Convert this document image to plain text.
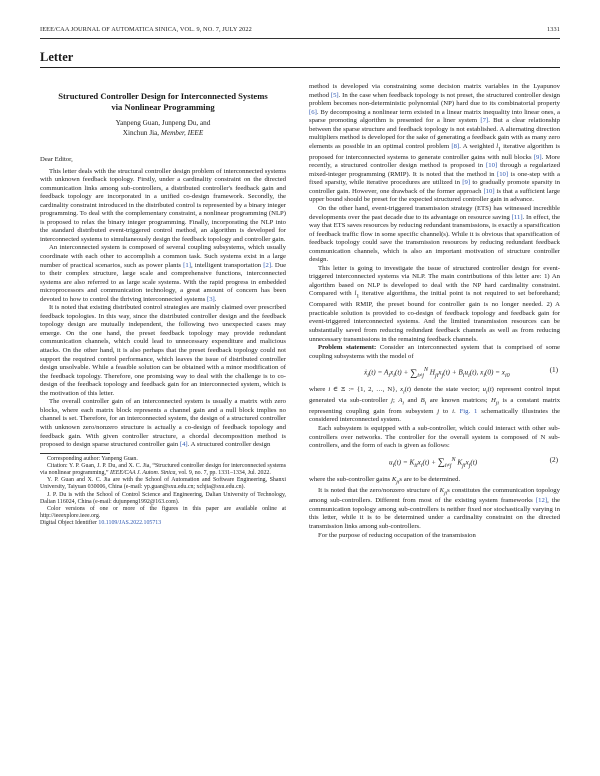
IEEE/CAA JOURNAL OF AUTOMATICA SINICA, VOL. 9, NO. 7, JULY 2022	1331
Letter
Structured Controller Design for Interconnected Systems
via Nonlinear Programming
Yanpeng Guan, Junpeng Du, and
Xinchun Jia, Member, IEEE

Dear Editor,

This letter deals with the structural controller design problem of interconnected systems with unknown feedback topology. Firstly, under a cardinality constraint on the directed communication links among sub-controllers, a distributed controller's feedback gain and feedback topology are incorporated in a unified co-design framework. Secondly, the cardinality constraint introduced in the distributed control is represented by a binary integer programming. To deal with the complementary constraint, a nonlinear programming (NLP) is proposed to relax the binary integer programming. Finally, incorporating the NLP into the standard distributed event-triggered control method, an algorithm is developed for interconnected systems to simultaneously design the feedback topology and controller gain.

An interconnected system is composed of several coupling subsystems, which usually coordinate with each other to accomplish a common task. Such systems exist in a large number of practical scenarios, such as power plants [1], intelligent transportation [2]. Due to their complex structure, large scale and comprehensive functions, interconnected systems are also referred to as large scale systems. With the rapid progress in embedded microprocessors and communication technology, a great amount of concern has been devoted to how to control the thriving interconnected systems [3].

It is noted that existing distributed control strategies are mainly claimed over prescribed feedback topologies. In this way, since the distributed controller design and the feedback topology design are mutually independent, the following two unexpected cases may emerge. On the one hand, the preset feedback topology may provide redundant communication channels, which could lead to unnecessary expenditure and malicious attacks. On the other hand, it is also perhaps that the preset feedback topology could not support the required control performance, which leaves the issue of distributed controller design unsolvable. While a feasible solution can be obtained with a minor modification of the feedback topology. Therefore, one promising way to deal with the challenge is to co-design of the feedback topology and feedback gain for an interconnected system, which is the motivation of this letter.

The overall controller gain of an interconnected system is usually a matrix with zero blocks, where each matrix block represents a channel gain and a null block implies no channel is set. Therefore, for an interconnected system, the design of a structured controller with unknown zero/nonzero structure is actually a co-design of feedback topology and feedback gain. With given controller structure, a chordal decomposition method is proposed to design sparse structured controller gain [4]. A structured controller design

Corresponding author: Yanpeng Guan.

Citation: Y. P. Guan, J. P. Du, and X. C. Jia, “Structured controller design for interconnected systems via nonlinear programming,” IEEE/CAA J. Autom. Sinica, vol. 9, no. 7, pp. 1331–1334, Jul. 2022.

Y. P. Guan and X. C. Jia are with the School of Automation and Software Engineering, Shanxi University, Taiyuan 030006, China (e-mail: yp.guan@sxu.edu.cn; xchjia@sxu.edu.cn).

J. P. Du is with the School of Control Science and Engineering, Dalian University of Technology, Dalian 116024, China (e-mail: dujunpeng1992@163.com).

Color versions of one or more of the figures in this paper are available online at http://ieeexplore.ieee.org.

Digital Object Identifier 10.1109/JAS.2022.105713

method is developed via constraining some decision matrix variables in the Lyapunov method [5]. In the case when feedback topology is not preset, the structured controller design problem becomes non-deterministic polynomial (NP) hard due to its combinatorial property [6]. By decomposing a nonlinear term existed in a linear matrix inequality into linear ones, a sparse promoting algorithm is presented for a liner system [7]. But a clear relationship between the sparse structure and feedback topology is not established. A alternating direction multipliers method is developed for the sake of generating a feedback gain with as many zero elements as possible in an optimal control problem [8]. A weighted $l_1$ iterative algorithm is proposed for interconnected systems to generate controller gains with null blocks [9]. More recently, a structured controller design method is proposed in [10] through a regularized mixed-integer programming (RMIP). It is noted that the method in [10] is one-step with a fixed sparsity, while iterative procedures are utilized in [9] to gradually promote sparsity in controller gain. However, one drawback of the former approach [10] is that a sufficient large upper bound should be preset for the expected structured controller gain in advance.

On the other hand, event-triggered transmission strategy (ETS) has witnessed incredible developments over the past decade due to its advantage on resource saving [11]. In effect, the way that ETS saves resources by reducing redundant transmissions, is exactly a sparsification of feedback traffic flow in some specific channel(s). While it is obvious that sparsification of feedback topology could save the transmission resources by reducing redundant feedback communication channels, which is also an important motivation of structure controller design.

This letter is going to investigate the issue of structured controller design for event-triggered interconnected systems via NLP. The main contributions of this letter are: 1) An algorithm based on NLP is developed to deal with the NP hard cardinality constraint. Compared with $l_1$ iterative algorithms, the initial point is not required to set beforehand; Compared with RMIP, the preset bound for controller gain is no longer needed. 2) A practicable solution is provided to co-design of feedback topology and feedback gain for event-triggered interconnected systems. And the limited transmission resources can be substantially saved from reducing redundant feedback channels as well as from reducing unnecessary transmissions in the remaining feedback channels.

Problem statement: Consider an interconnected system that is comprised of some coupling subsystems with the model of

ẋ$_i$(t) = $A_ix_i(t) + \sum_{i\ne j}^N$ $H_{ji}x_j(t) + B_iu_i(t)$, $x_i(0) = x_{i0}$
(1)

where i ∈ Ξ := {1, 2, …, N}, $x_i(t)$ denote the state vector; $u_i(t)$ represent control input generated via sub-controller j; $A_i$ and $B_i$ are known matrices; $H_{ji}$ is a constant matrix representing coupling gain from subsystem j to i. Fig. 1 schematically illustrates the considered interconnected system.

Each subsystem is equipped with a sub-controller, which could interact with other sub-controllers over networks. The controller for the overall system is composed of N sub-controllers, and the form of each is given as follows:

$u_i(t) = K_{ii}x_i(t) + \sum_{i\ne j}^N$ $K_{ji}x_j(t)$	(2)

where the sub-controller gains $K_{ji}s$ are to be determined.

It is noted that the zero/nonzero structure of $K_{ji}s$ constitutes the communication topology among sub-controllers. Different from most of the existing system frameworks [12], the communication topology among sub-controllers is neither fixed nor stochastically varying in this letter, while it is to be determined under a cardinality constraint on the directed transmission links among sub-controllers.

For the purpose of reducing occupation of the transmission
